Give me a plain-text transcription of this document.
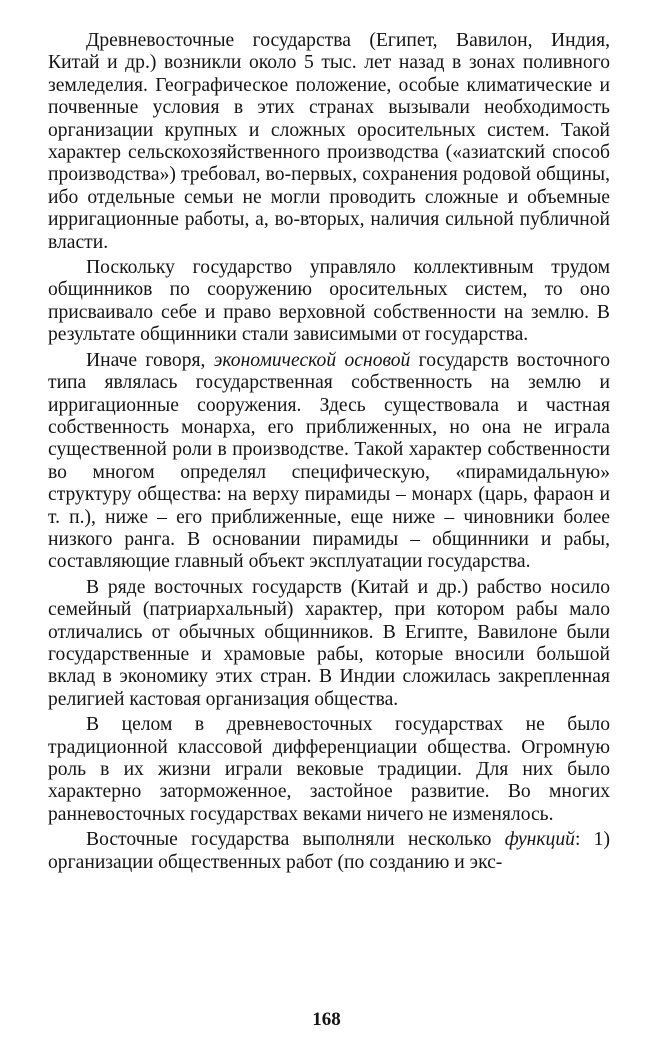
Древневосточные государства (Египет, Вавилон, Индия, Китай и др.) возникли около 5 тыс. лет назад в зонах поливного земледелия. Географическое положение, особые климатические и почвенные условия в этих странах вызывали необходимость организации крупных и сложных оросительных систем. Такой характер сельскохозяйственного производства («азиатский способ производства») требовал, во-первых, сохранения родовой общины, ибо отдельные семьи не могли проводить сложные и объемные ирригационные работы, а, во-вторых, наличия сильной публичной власти.

Поскольку государство управляло коллективным трудом общинников по сооружению оросительных систем, то оно присваивало себе и право верховной собственности на землю. В результате общинники стали зависимыми от государства.

Иначе говоря, экономической основой государств восточного типа являлась государственная собственность на землю и ирригационные сооружения. Здесь существовала и частная собственность монарха, его приближенных, но она не играла существенной роли в производстве. Такой характер собственности во многом определял специфическую, «пирамидальную» структуру общества: на верху пирамиды – монарх (царь, фараон и т. п.), ниже – его приближенные, еще ниже – чиновники более низкого ранга. В основании пирамиды – общинники и рабы, составляющие главный объект эксплуатации государства.

В ряде восточных государств (Китай и др.) рабство носило семейный (патриархальный) характер, при котором рабы мало отличались от обычных общинников. В Египте, Вавилоне были государственные и храмовые рабы, которые вносили большой вклад в экономику этих стран. В Индии сложилась закрепленная религией кастовая организация общества.

В целом в древневосточных государствах не было традиционной классовой дифференциации общества. Огромную роль в их жизни играли вековые традиции. Для них было характерно заторможенное, застойное развитие. Во многих ранневосточных государствах веками ничего не изменялось.

Восточные государства выполняли несколько функций: 1) организации общественных работ (по созданию и экс-

168
